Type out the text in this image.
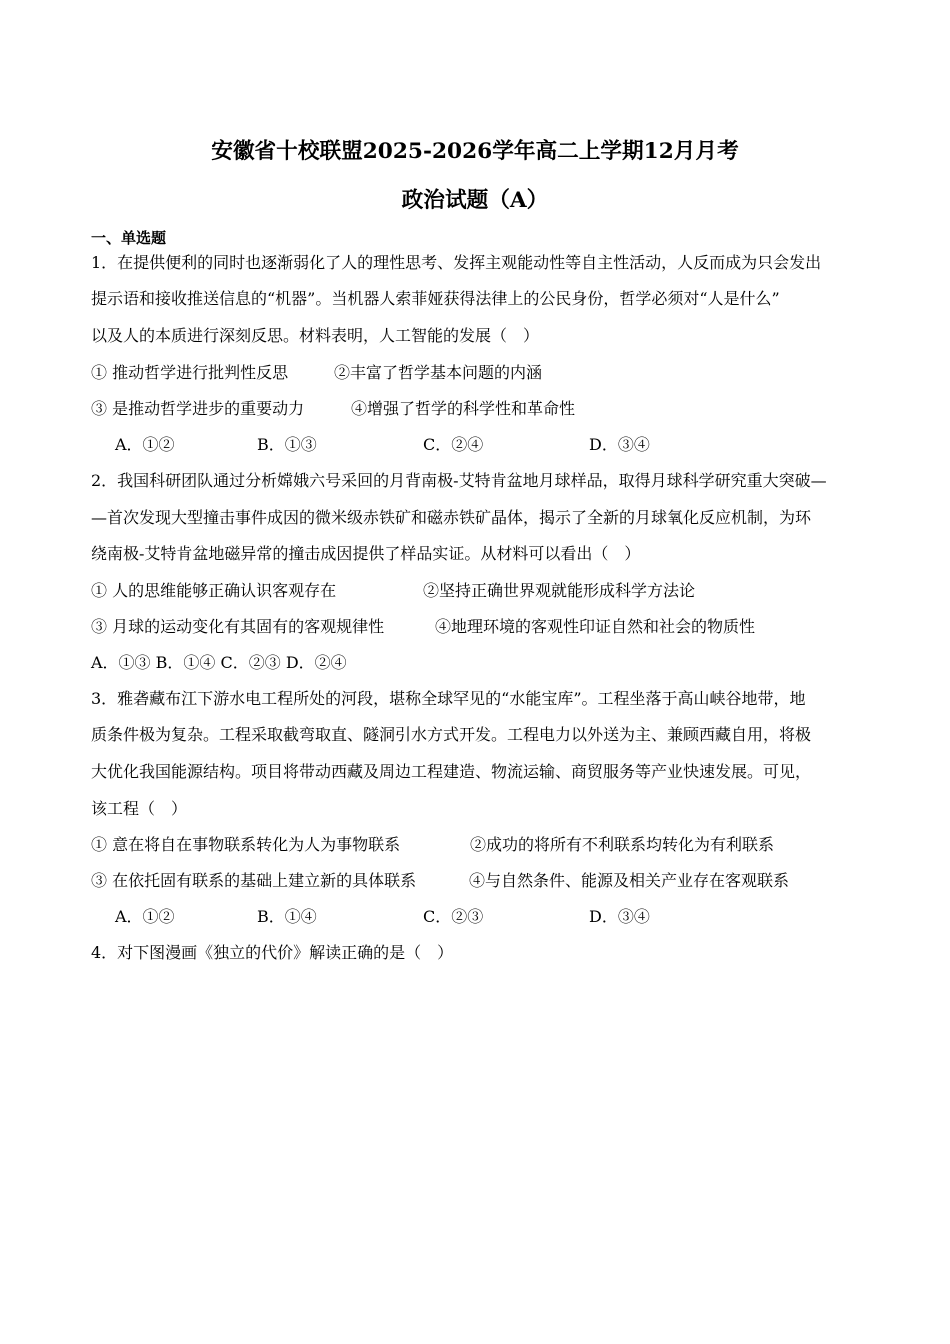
安徽省十校联盟2025-2026学年高二上学期12月月考
政治试题（A）
一、单选题
1．在提供便利的同时也逐渐弱化了人的理性思考、发挥主观能动性等自主性活动，人反而成为只会发出
提示语和接收推送信息的“机器”。当机器人索菲娅获得法律上的公民身份，哲学必须对“人是什么”
以及人的本质进行深刻反思。材料表明，人工智能的发展（　）
① 推动哲学进行批判性反思	②丰富了哲学基本问题的内涵
③ 是推动哲学进步的重要动力	④增强了哲学的科学性和革命性
A．①②	B．①③	C．②④	D．③④
2．我国科研团队通过分析嫦娥六号采回的月背南极-艾特肯盆地月球样品，取得月球科学研究重大突破—
—首次发现大型撞击事件成因的微米级赤铁矿和磁赤铁矿晶体，揭示了全新的月球氧化反应机制，为环
绕南极-艾特肯盆地磁异常的撞击成因提供了样品实证。从材料可以看出（　）
① 人的思维能够正确认识客观存在	②坚持正确世界观就能形成科学方法论
③ 月球的运动变化有其固有的客观规律性	④地理环境的客观性印证自然和社会的物质性
A．①③ B．①④ C．②③ D．②④
3．雅砻藏布江下游水电工程所处的河段，堪称全球罕见的“水能宝库”。工程坐落于高山峡谷地带，地
质条件极为复杂。工程采取截弯取直、隧洞引水方式开发。工程电力以外送为主、兼顾西藏自用，将极
大优化我国能源结构。项目将带动西藏及周边工程建造、物流运输、商贸服务等产业快速发展。可见，
该工程（　）
① 意在将自在事物联系转化为人为事物联系	②成功的将所有不利联系均转化为有利联系
③ 在依托固有联系的基础上建立新的具体联系	④与自然条件、能源及相关产业存在客观联系
A．①②	B．①④	C．②③	D．③④
4．对下图漫画《独立的代价》解读正确的是（　）
